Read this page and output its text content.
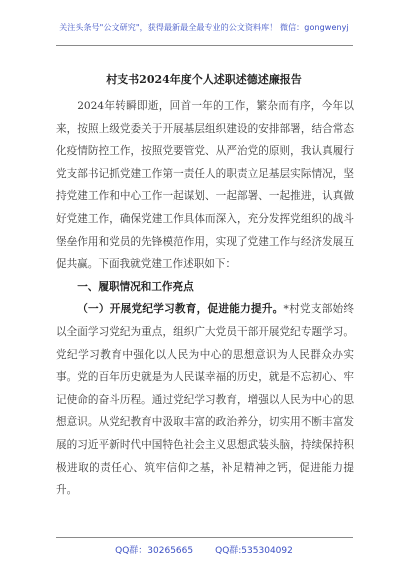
关注头条号"公文研究"，获得最新最全最专业的公文资料库！ 微信：gongwenyj
村支书2024年度个人述职述德述廉报告

2024年转瞬即逝，回首一年的工作，繁杂而有序，今年以来，按照上级党委关于开展基层组织建设的安排部署，结合常态化疫情防控工作，按照党要管党、从严治党的原则，我认真履行党支部书记抓党建工作第一责任人的职责立足基层实际情况，坚持党建工作和中心工作一起谋划、一起部署、一起推进，认真做好党建工作，确保党建工作具体而深入，充分发挥党组织的战斗堡垒作用和党员的先锋模范作用，实现了党建工作与经济发展互促共赢。下面我就党建工作述职如下：

一、履职情况和工作亮点

（一）开展党纪学习教育，促进能力提升。*村党支部始终以全面学习党纪为重点，组织广大党员干部开展党纪专题学习。党纪学习教育中强化以人民为中心的思想意识为人民群众办实事。党的百年历史就是为人民谋幸福的历史，就是不忘初心、牢记使命的奋斗历程。通过党纪学习教育，增强以人民为中心的思想意识。从党纪教育中汲取丰富的政治养分，切实用不断丰富发展的习近平新时代中国特色社会主义思想武装头脑，持续保持积极进取的责任心、筑牢信仰之基，补足精神之钙，促进能力提升。

QQ群：30265665 QQ群:535304092
